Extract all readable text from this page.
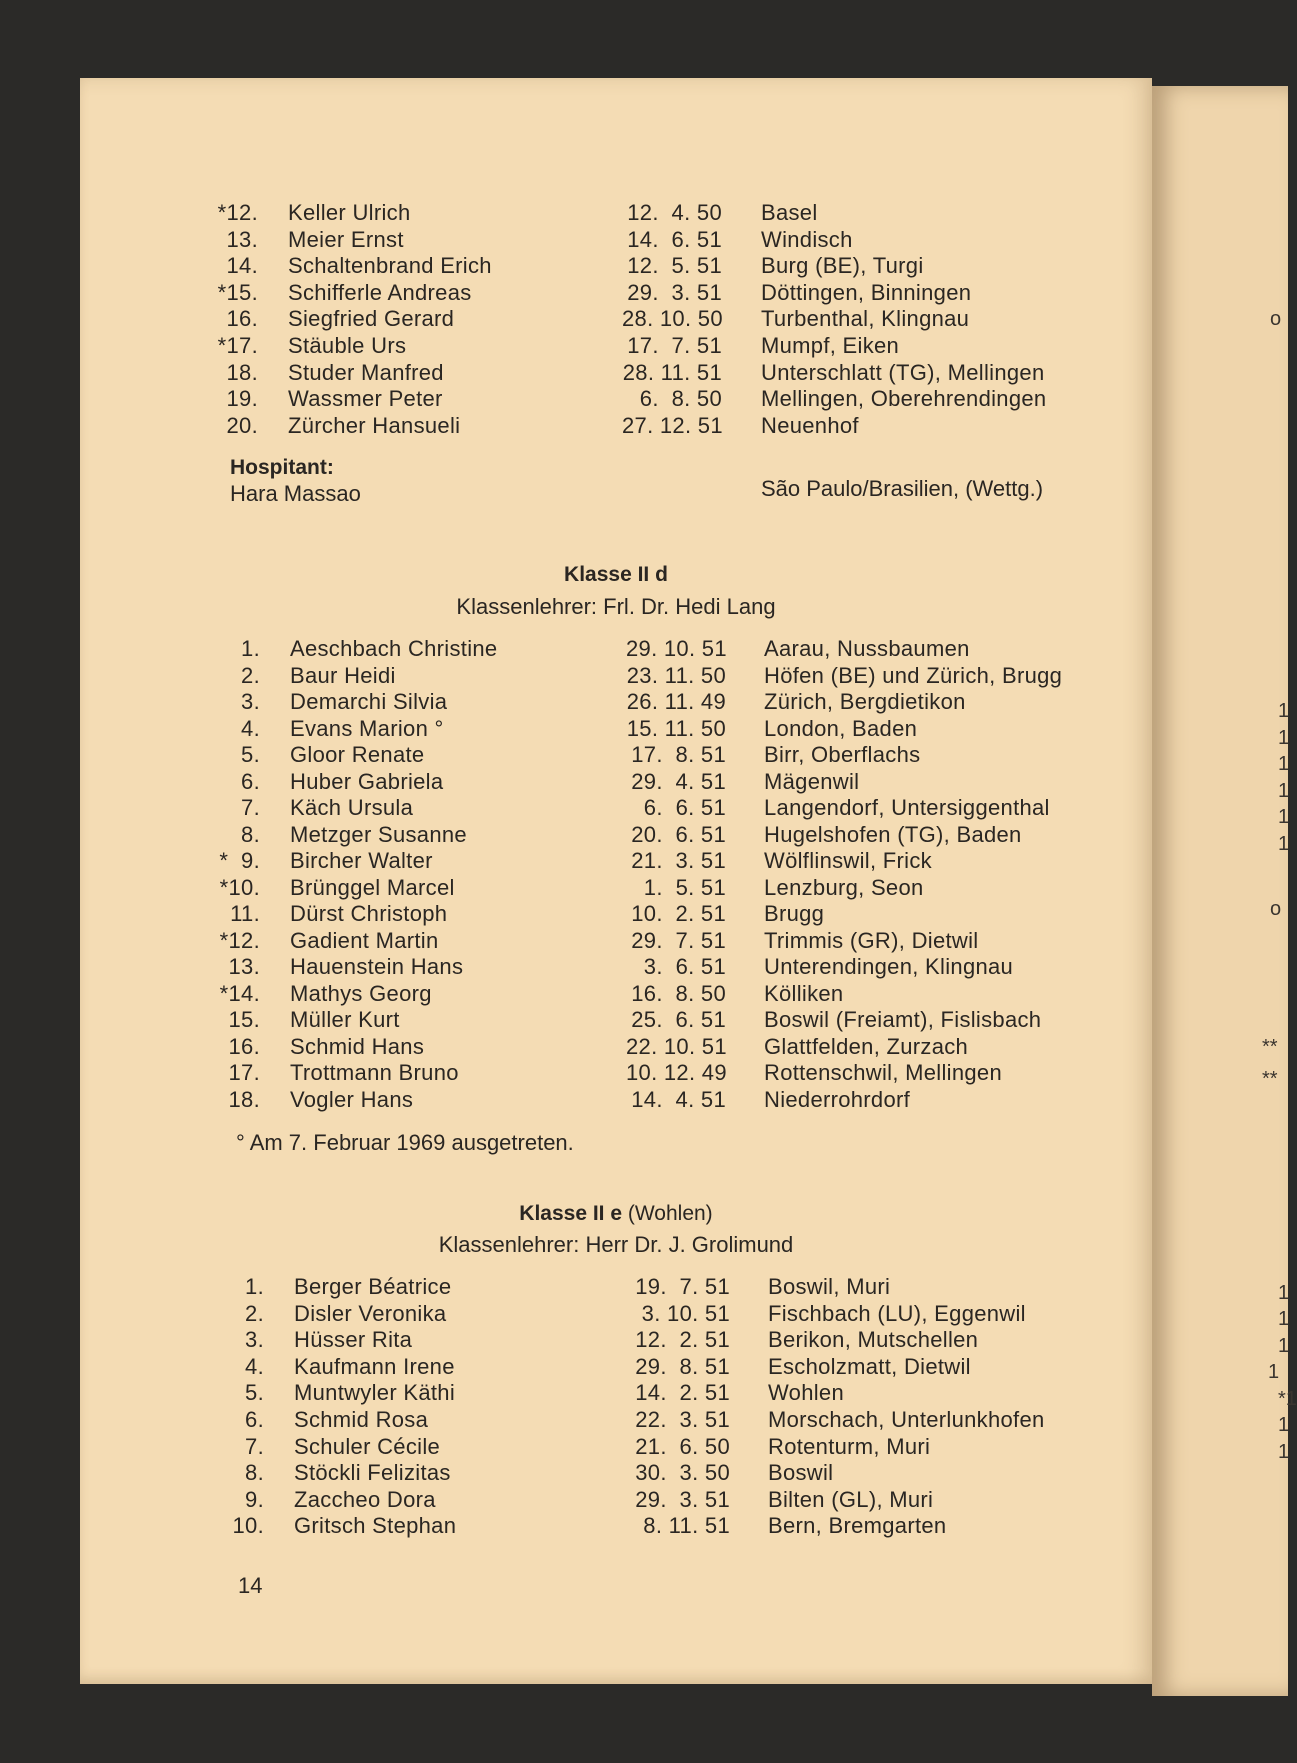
o
o
**
**
1
1
1
1
1
1
1
1
1
1
*1
1
1
*12. Keller Ulrich	12.  4. 50 Basel
13. Meier Ernst	14.  6. 51 Windisch
14. Schaltenbrand Erich	12.  5. 51 Burg (BE), Turgi
*15. Schifferle Andreas	29.  3. 51 Döttingen, Binningen
16. Siegfried Gerard	28. 10. 50 Turbenthal, Klingnau
*17. Stäuble Urs	17.  7. 51 Mumpf, Eiken
18. Studer Manfred	28. 11. 51 Unterschlatt (TG), Mellingen
19. Wassmer Peter	6.  8. 50 Mellingen, Oberehrendingen
20. Zürcher Hansueli	27. 12. 51 Neuenhof
Hospitant:
Hara Massao	São Paulo/Brasilien, (Wettg.)
Klasse II d
Klassenlehrer: Frl. Dr. Hedi Lang
1. Aeschbach Christine	29. 10. 51 Aarau, Nussbaumen
2. Baur Heidi	23. 11. 50 Höfen (BE) und Zürich, Brugg
3. Demarchi Silvia	26. 11. 49 Zürich, Bergdietikon
4. Evans Marion °	15. 11. 50 London, Baden
5. Gloor Renate	17.  8. 51 Birr, Oberflachs
6. Huber Gabriela	29.  4. 51 Mägenwil
7. Käch Ursula	6.  6. 51 Langendorf, Untersiggenthal
8. Metzger Susanne	20.  6. 51 Hugelshofen (TG), Baden
*  9. Bircher Walter	21.  3. 51 Wölflinswil, Frick
*10. Brünggel Marcel	1.  5. 51 Lenzburg, Seon
11. Dürst Christoph	10.  2. 51 Brugg
*12. Gadient Martin	29.  7. 51 Trimmis (GR), Dietwil
13. Hauenstein Hans	3.  6. 51 Unterendingen, Klingnau
*14. Mathys Georg	16.  8. 50 Kölliken
15. Müller Kurt	25.  6. 51 Boswil (Freiamt), Fislisbach
16. Schmid Hans	22. 10. 51 Glattfelden, Zurzach
17. Trottmann Bruno	10. 12. 49 Rottenschwil, Mellingen
18. Vogler Hans	14.  4. 51 Niederrohrdorf
° Am 7. Februar 1969 ausgetreten.
Klasse II e (Wohlen)
Klassenlehrer: Herr Dr. J. Grolimund
1. Berger Béatrice	19.  7. 51 Boswil, Muri
2. Disler Veronika	3. 10. 51 Fischbach (LU), Eggenwil
3. Hüsser Rita	12.  2. 51 Berikon, Mutschellen
4. Kaufmann Irene	29.  8. 51 Escholzmatt, Dietwil
5. Muntwyler Käthi	14.  2. 51 Wohlen
6. Schmid Rosa	22.  3. 51 Morschach, Unterlunkhofen
7. Schuler Cécile	21.  6. 50 Rotenturm, Muri
8. Stöckli Felizitas	30.  3. 50 Boswil
9. Zaccheo Dora	29.  3. 51 Bilten (GL), Muri
10. Gritsch Stephan	8. 11. 51 Bern, Bremgarten
14
